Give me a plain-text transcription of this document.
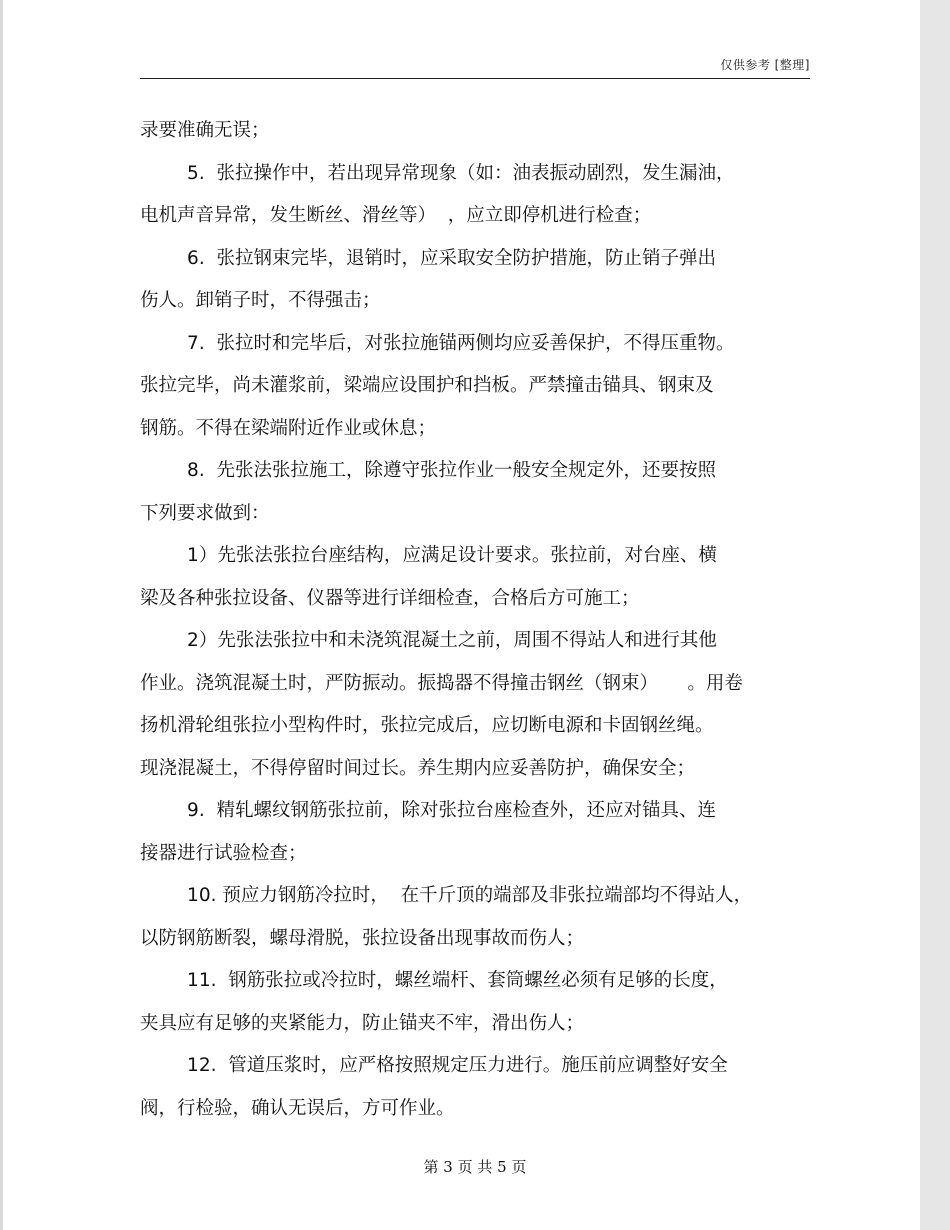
仅供参考 [整理]

录要准确无误；

5.  张拉操作中，若出现异常现象（如：油表振动剧烈，发生漏油，

电机声音异常，发生断丝、滑丝等）  ，应立即停机进行检查；

6.  张拉钢束完毕，退销时，应采取安全防护措施，防止销子弹出

伤人。卸销子时，不得强击；

7.  张拉时和完毕后，对张拉施锚两侧均应妥善保护，不得压重物。

张拉完毕，尚未灌浆前，梁端应设围护和挡板。严禁撞击锚具、钢束及

钢筋。不得在梁端附近作业或休息；

8.  先张法张拉施工，除遵守张拉作业一般安全规定外，还要按照

下列要求做到：

1）先张法张拉台座结构，应满足设计要求。张拉前，对台座、横

梁及各种张拉设备、仪器等进行详细检查，合格后方可施工；

2）先张法张拉中和未浇筑混凝土之前，周围不得站人和进行其他

作业。浇筑混凝土时，严防振动。振捣器不得撞击钢丝（钢束）     。用卷

扬机滑轮组张拉小型构件时，张拉完成后，应切断电源和卡固钢丝绳。

现浇混凝土，不得停留时间过长。养生期内应妥善防护，确保安全；

9.  精轧螺纹钢筋张拉前，除对张拉台座检查外，还应对锚具、连

接器进行试验检查；

10. 预应力钢筋冷拉时，  在千斤顶的端部及非张拉端部均不得站人，

以防钢筋断裂，螺母滑脱，张拉设备出现事故而伤人；

11.  钢筋张拉或冷拉时，螺丝端杆、套筒螺丝必须有足够的长度，

夹具应有足够的夹紧能力，防止锚夹不牢，滑出伤人；

12.  管道压浆时，应严格按照规定压力进行。施压前应调整好安全

阀，行检验，确认无误后，方可作业。

第 3 页 共 5 页
